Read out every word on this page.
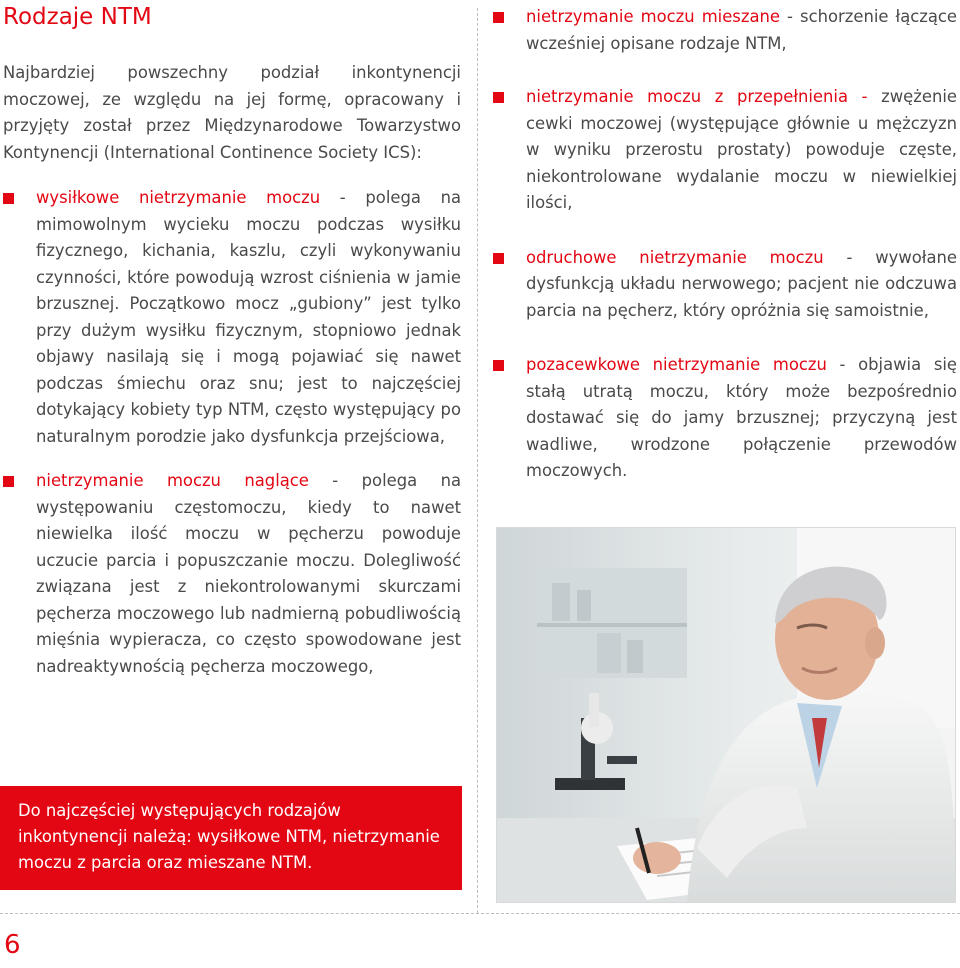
Rodzaje NTM

Najbardziej powszechny podział inkontynencji moczowej, ze względu na jej formę, opracowany i przyjęty został przez Międzynarodowe Towarzystwo Kontynencji (International Continence Society ICS):

wysiłkowe nietrzymanie moczu - polega na mimowolnym wycieku moczu podczas wysiłku fizycznego, kichania, kaszlu, czyli wykonywaniu czynności, które powodują wzrost ciśnienia w jamie brzusznej. Początkowo mocz „gubiony” jest tylko przy dużym wysiłku fizycznym, stopniowo jednak objawy nasilają się i mogą pojawiać się nawet podczas śmiechu oraz snu; jest to najczęściej dotykający kobiety typ NTM, często występujący po naturalnym porodzie jako dysfunkcja przejściowa,
nietrzymanie moczu naglące - polega na występowaniu częstomoczu, kiedy to nawet niewielka ilość moczu w pęcherzu powoduje uczucie parcia i popuszczanie moczu. Dolegliwość związana jest z niekontrolowanymi skurczami pęcherza moczowego lub nadmierną pobudliwością mięśnia wypieracza, co często spowodowane jest nadreaktywnością pęcherza moczowego,
nietrzymanie moczu mieszane - schorzenie łączące wcześniej opisane rodzaje NTM,
nietrzymanie moczu z przepełnienia - zwężenie cewki moczowej (występujące głównie u mężczyzn w wyniku przerostu prostaty) powoduje częste, niekontrolowane wydalanie moczu w niewielkiej ilości,
odruchowe nietrzymanie moczu - wywołane dysfunkcją układu nerwowego; pacjent nie odczuwa parcia na pęcherz, który opróżnia się samoistnie,
pozacewkowe nietrzymanie moczu - objawia się stałą utratą moczu, który może bezpośrednio dostawać się do jamy brzusznej; przyczyną jest wadliwe, wrodzone połączenie przewodów moczowych.
Do najczęściej występujących rodzajów inkontynencji należą: wysiłkowe NTM, nietrzymanie moczu z parcia oraz mieszane NTM.
6
